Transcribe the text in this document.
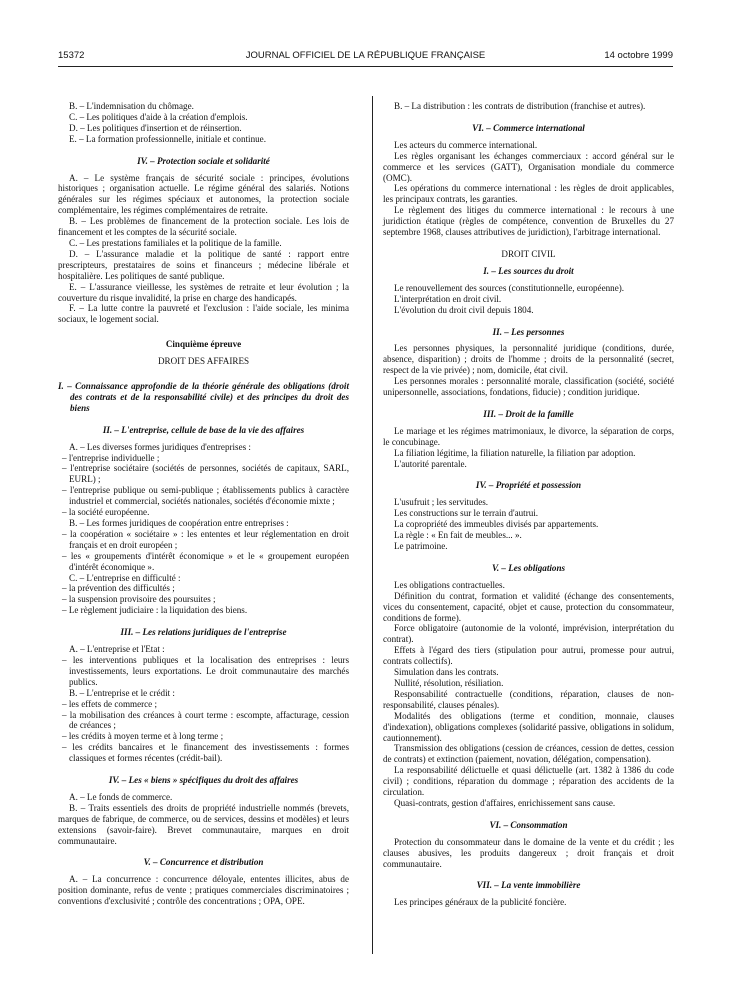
15372	JOURNAL OFFICIEL DE LA RÉPUBLIQUE FRANÇAISE	14 octobre 1999

B. – L'indemnisation du chômage.

C. – Les politiques d'aide à la création d'emplois.

D. – Les politiques d'insertion et de réinsertion.

E. – La formation professionnelle, initiale et continue.

IV. – Protection sociale et solidarité

A. – Le système français de sécurité sociale : principes, évolutions historiques ; organisation actuelle. Le régime général des salariés. Notions générales sur les régimes spéciaux et autonomes, la protection sociale complémentaire, les régimes complémentaires de retraite.

B. – Les problèmes de financement de la protection sociale. Les lois de financement et les comptes de la sécurité sociale.

C. – Les prestations familiales et la politique de la famille.

D. – L'assurance maladie et la politique de santé : rapport entre prescripteurs, prestataires de soins et financeurs ; médecine libérale et hospitalière. Les politiques de santé publique.

E. – L'assurance vieillesse, les systèmes de retraite et leur évolution ; la couverture du risque invalidité, la prise en charge des handicapés.

F. – La lutte contre la pauvreté et l'exclusion : l'aide sociale, les minima sociaux, le logement social.

Cinquième épreuve

DROIT DES AFFAIRES

I. – Connaissance approfondie de la théorie générale des obligations (droit des contrats et de la responsabilité civile) et des principes du droit des biens

II. – L'entreprise, cellule de base de la vie des affaires

A. – Les diverses formes juridiques d'entreprises :

– l'entreprise individuelle ;

– l'entreprise sociétaire (sociétés de personnes, sociétés de capitaux, SARL, EURL) ;

– l'entreprise publique ou semi-publique ; établissements publics à caractère industriel et commercial, sociétés nationales, sociétés d'économie mixte ;

– la société européenne.

B. – Les formes juridiques de coopération entre entreprises :

– la coopération « sociétaire » : les ententes et leur réglementation en droit français et en droit européen ;

– les « groupements d'intérêt économique » et le « groupement européen d'intérêt économique ».

C. – L'entreprise en difficulté :

– la prévention des difficultés ;

– la suspension provisoire des poursuites ;

– Le règlement judiciaire : la liquidation des biens.

III. – Les relations juridiques de l'entreprise

A. – L'entreprise et l'Etat :

– les interventions publiques et la localisation des entreprises : leurs investissements, leurs exportations. Le droit communautaire des marchés publics.

B. – L'entreprise et le crédit :

– les effets de commerce ;

– la mobilisation des créances à court terme : escompte, affacturage, cession de créances ;

– les crédits à moyen terme et à long terme ;

– les crédits bancaires et le financement des investissements : formes classiques et formes récentes (crédit-bail).

IV. – Les « biens » spécifiques du droit des affaires

A. – Le fonds de commerce.

B. – Traits essentiels des droits de propriété industrielle nommés (brevets, marques de fabrique, de commerce, ou de services, dessins et modèles) et leurs extensions (savoir-faire). Brevet communautaire, marques en droit communautaire.

V. – Concurrence et distribution

A. – La concurrence : concurrence déloyale, ententes illicites, abus de position dominante, refus de vente ; pratiques commerciales discriminatoires ; conventions d'exclusivité ; contrôle des concentrations ; OPA, OPE.

B. – La distribution : les contrats de distribution (franchise et autres).

VI. – Commerce international

Les acteurs du commerce international.

Les règles organisant les échanges commerciaux : accord général sur le commerce et les services (GATT), Organisation mondiale du commerce (OMC).

Les opérations du commerce international : les règles de droit applicables, les principaux contrats, les garanties.

Le règlement des litiges du commerce international : le recours à une juridiction étatique (règles de compétence, convention de Bruxelles du 27 septembre 1968, clauses attributives de juridiction), l'arbitrage international.

DROIT CIVIL

I. – Les sources du droit

Le renouvellement des sources (constitutionnelle, européenne).

L'interprétation en droit civil.

L'évolution du droit civil depuis 1804.

II. – Les personnes

Les personnes physiques, la personnalité juridique (conditions, durée, absence, disparition) ; droits de l'homme ; droits de la personnalité (secret, respect de la vie privée) ; nom, domicile, état civil.

Les personnes morales : personnalité morale, classification (société, société unipersonnelle, associations, fondations, fiducie) ; condition juridique.

III. – Droit de la famille

Le mariage et les régimes matrimoniaux, le divorce, la séparation de corps, le concubinage.

La filiation légitime, la filiation naturelle, la filiation par adoption.

L'autorité parentale.

IV. – Propriété et possession

L'usufruit ; les servitudes.

Les constructions sur le terrain d'autrui.

La copropriété des immeubles divisés par appartements.

La règle : « En fait de meubles... ».

Le patrimoine.

V. – Les obligations

Les obligations contractuelles.

Définition du contrat, formation et validité (échange des consentements, vices du consentement, capacité, objet et cause, protection du consommateur, conditions de forme).

Force obligatoire (autonomie de la volonté, imprévision, interprétation du contrat).

Effets à l'égard des tiers (stipulation pour autrui, promesse pour autrui, contrats collectifs).

Simulation dans les contrats.

Nullité, résolution, résiliation.

Responsabilité contractuelle (conditions, réparation, clauses de non-responsabilité, clauses pénales).

Modalités des obligations (terme et condition, monnaie, clauses d'indexation), obligations complexes (solidarité passive, obligations in solidum, cautionnement).

Transmission des obligations (cession de créances, cession de dettes, cession de contrats) et extinction (paiement, novation, délégation, compensation).

La responsabilité délictuelle et quasi délictuelle (art. 1382 à 1386 du code civil) ; conditions, réparation du dommage ; réparation des accidents de la circulation.

Quasi-contrats, gestion d'affaires, enrichissement sans cause.

VI. – Consommation

Protection du consommateur dans le domaine de la vente et du crédit ; les clauses abusives, les produits dangereux ; droit français et droit communautaire.

VII. – La vente immobilière

Les principes généraux de la publicité foncière.
